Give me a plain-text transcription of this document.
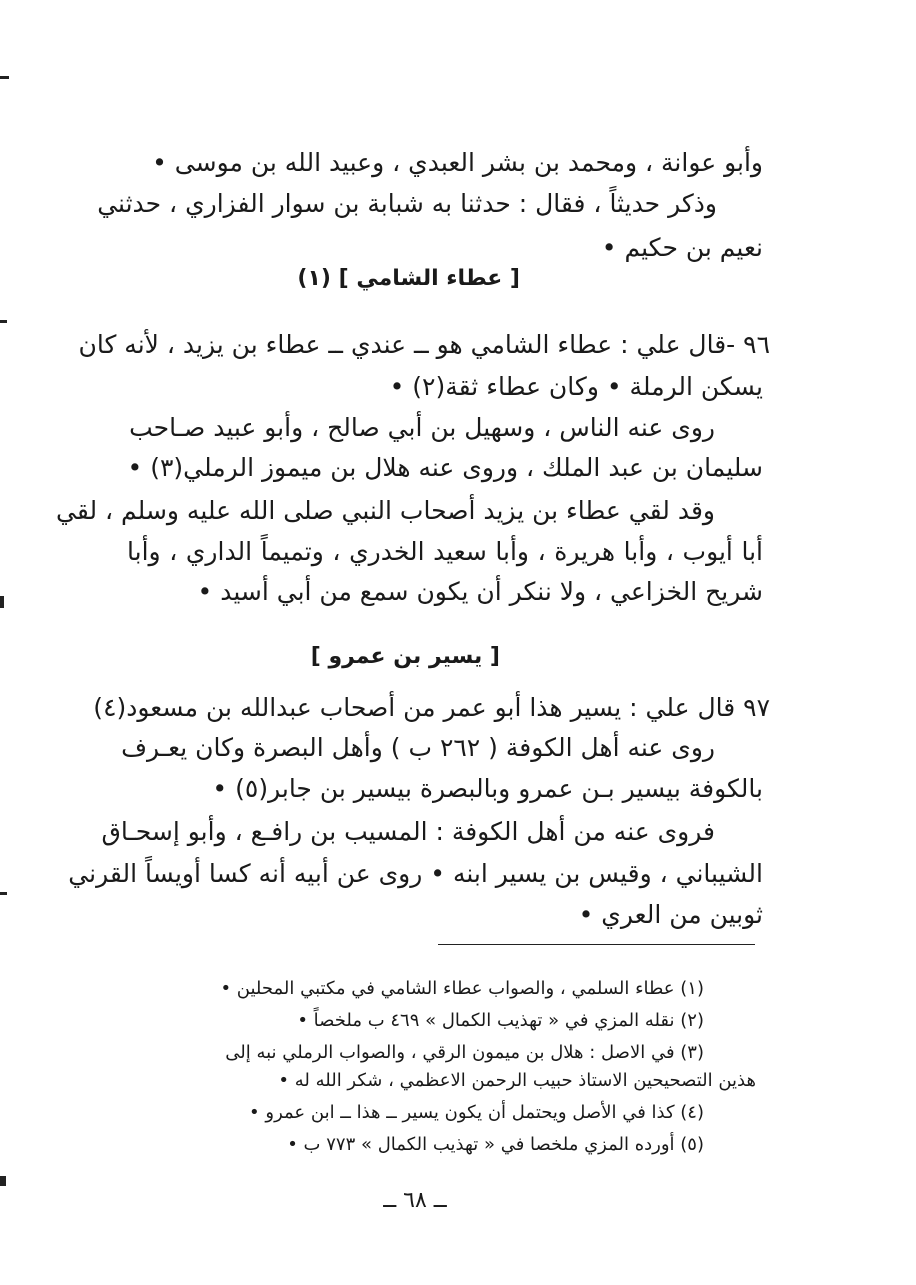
وأبو عوانة ، ومحمد بن بشر العبدي ، وعبيد الله بن موسى •
وذكر حديثاً ، فقال : حدثنا به شبابة بن سوار الفزاري ، حدثني
نعيم بن حكيم •
[ عطاء الشامي ] (١)
٩٦ -قال علي : عطاء الشامي هو ــ عندي ــ عطاء بن يزيد ، لأنه كان
يسكن الرملة • وكان عطاء ثقة(٢) •
روى عنه الناس ، وسهيل بن أبي صالح ، وأبو عبيد صـاحب
سليمان بن عبد الملك ، وروى عنه هلال بن ميموز الرملي(٣) •
وقد لقي عطاء بن يزيد أصحاب النبي صلى الله عليه وسلم ، لقي
أبا أيوب ، وأبا هريرة ، وأبا سعيد الخدري ، وتميماً الداري ، وأبا
شريح الخزاعي ، ولا ننكر أن يكون سمع من أبي أسيد •
[ يسير بن عمرو ]
٩٧ قال علي : يسير هذا أبو عمر من أصحاب عبدالله بن مسعود(٤)
روى عنه أهل الكوفة ( ٢٦٢ ب ) وأهل البصرة وكان يعـرف
بالكوفة بيسير بـن عمرو وبالبصرة بيسير بن جابر(٥) •
فروى عنه من أهل الكوفة : المسيب بن رافـع ، وأبو إسحـاق
الشيباني ، وقيس بن يسير ابنه • روى عن أبيه أنه كسا أويساً القرني
ثوبين من العري •
(١) عطاء السلمي ، والصواب عطاء الشامي في مكتبي المحلين •
(٢) نقله المزي في « تهذيب الكمال » ٤٦٩ ب ملخصاً •
(٣) في الاصل : هلال بن ميمون الرقي ، والصواب الرملي نبه إلى
هذين التصحيحين الاستاذ حبيب الرحمن الاعظمي ، شكر الله له •
(٤) كذا في الأصل ويحتمل أن يكون يسير ــ هذا ــ ابن عمرو •
(٥) أورده المزي ملخصا في « تهذيب الكمال » ٧٧٣ ب •
ــ ٦٨ ــ
